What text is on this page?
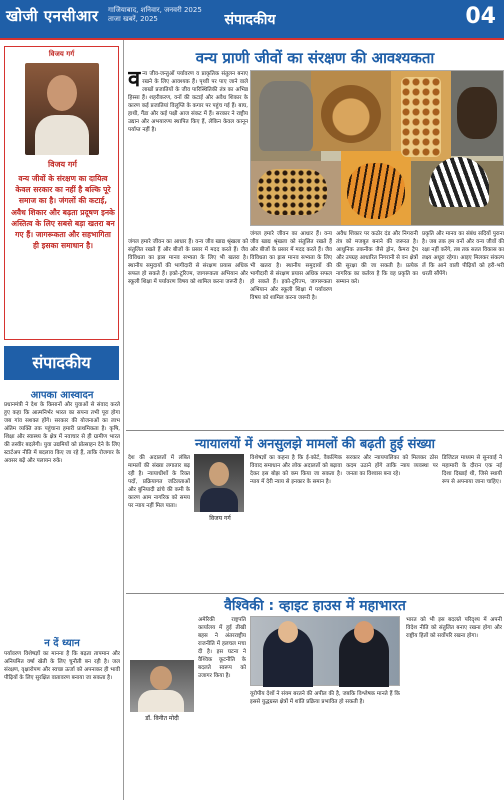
खोजी एनसीआर गाजियाबाद, शनिवार, जनवरी 2025
ताजा खबरें, 2025	संपादकीय	04
विजय गर्ग
विजय गर्ग
वन्य जीवों के संरक्षण का दायित्व केवल सरकार का नहीं है बल्कि पूरे समाज का है। जंगलों की कटाई, अवैध शिकार और बढ़ता प्रदूषण इनके अस्तित्व के लिए सबसे बड़ा खतरा बन गए हैं। जागरूकता और सहभागिता ही इसका समाधान है।
संपादकीय
आपका आस्वादन
प्रधानमंत्री ने देश के किसानों और युवाओं से संवाद करते हुए कहा कि आत्मनिर्भर भारत का सपना तभी पूरा होगा जब गांव सशक्त होंगे। सरकार की योजनाओं का लाभ अंतिम व्यक्ति तक पहुंचाना हमारी प्राथमिकता है। कृषि, शिक्षा और स्वास्थ्य के क्षेत्र में नवाचार से ही ग्रामीण भारत की तस्वीर बदलेगी। युवा उद्यमियों को प्रोत्साहन देने के लिए स्टार्टअप नीति में बदलाव किए जा रहे हैं, ताकि रोजगार के अवसर बढ़ें और पलायन रुके।
न दें ध्यान
पर्यावरण विशेषज्ञों का मानना है कि बढ़ता तापमान और अनियमित वर्षा खेती के लिए चुनौती बन रही है। जल संरक्षण, वृक्षारोपण और स्वच्छ ऊर्जा को अपनाकर ही भावी पीढ़ियों के लिए सुरक्षित वातावरण बनाया जा सकता है।
वन्य प्राणी जीवों का संरक्षण की आवश्यकता
वन्य जीव-जन्तुओं पर्यावरण व प्राकृतिक संतुलन बनाए रखने के लिए आवश्यक हैं। पृथ्वी पर पाए जाने वाले लाखों प्रजातियों के जीव पारिस्थितिकी तंत्र का अभिन्न हिस्सा हैं। शहरीकरण, वनों की कटाई और अवैध शिकार के कारण कई प्रजातियां विलुप्ति के कगार पर पहुंच गई हैं। बाघ, हाथी, गैंडा और कई पक्षी आज संकट में हैं। सरकार ने राष्ट्रीय उद्यान और अभयारण्य स्थापित किए हैं, लेकिन केवल कानून पर्याप्त नहीं है।
जंगल हमारे जीवन का आधार हैं। वन्य जीव खाद्य श्रृंखला को संतुलित रखते हैं और बीजों के प्रसार में मदद करते हैं। जैव विविधता का ह्रास मानव सभ्यता के लिए भी खतरा है। स्थानीय समुदायों की भागीदारी से संरक्षण प्रयास अधिक सफल हो सकते हैं। इको-टूरिज्म, जागरूकता अभियान और स्कूली शिक्षा में पर्यावरण विषय को शामिल करना जरूरी है।
जंगल हमारे जीवन का आधार हैं। वन्य जीव खाद्य श्रृंखला को संतुलित रखते हैं और बीजों के प्रसार में मदद करते हैं। जैव विविधता का ह्रास मानव सभ्यता के लिए भी खतरा है। स्थानीय समुदायों की भागीदारी से संरक्षण प्रयास अधिक सफल हो सकते हैं। इको-टूरिज्म, जागरूकता अभियान और स्कूली शिक्षा में पर्यावरण विषय को शामिल करना जरूरी है।
अवैध शिकार पर कठोर दंड और निगरानी तंत्र को मजबूत बनाने की जरूरत है। आधुनिक तकनीक जैसे ड्रोन, कैमरा ट्रैप और उपग्रह आधारित निगरानी से वन क्षेत्रों की सुरक्षा की जा सकती है। प्रत्येक नागरिक का कर्तव्य है कि वह प्रकृति का सम्मान करे।
प्रकृति और मानव का संबंध सदियों पुराना है। जब तक हम वनों और वन्य जीवों की रक्षा नहीं करेंगे, तब तक सतत विकास का लक्ष्य अधूरा रहेगा। आइए मिलकर संकल्प लें कि आने वाली पीढ़ियों को हरी-भरी धरती सौंपेंगे।
न्यायालयों में अनसुलझे मामलों की बढ़ती हुई संख्या
देश की अदालतों में लंबित मामलों की संख्या लगातार बढ़ रही है। न्यायाधीशों के रिक्त पदों, प्रक्रियागत जटिलताओं और बुनियादी ढांचे की कमी के कारण आम नागरिक को समय पर न्याय नहीं मिल पाता।
विजय गर्ग
विशेषज्ञों का कहना है कि ई-कोर्ट, वैकल्पिक विवाद समाधान और लोक अदालतों को बढ़ावा देकर इस बोझ को कम किया जा सकता है। न्याय में देरी न्याय से इनकार के समान है।
सरकार और न्यायपालिका को मिलकर ठोस कदम उठाने होंगे ताकि न्याय व्यवस्था पर जनता का विश्वास बना रहे।
डिजिटल माध्यम से सुनवाई ने महामारी के दौरान एक नई दिशा दिखाई थी, जिसे स्थायी रूप से अपनाया जाना चाहिए।
वैश्विकी : व्हाइट हाउस में महाभारत
अमेरिकी राष्ट्रपति कार्यालय में हुई तीखी बहस ने अंतरराष्ट्रीय राजनीति में हलचल मचा दी है। इस घटना ने वैश्विक कूटनीति के बदलते स्वरूप को उजागर किया है।
डॉ. विनीत मोदी
यूरोपीय देशों ने संयम बरतने की अपील की है, जबकि विश्लेषक मानते हैं कि इससे युद्धग्रस्त क्षेत्रों में शांति प्रक्रिया प्रभावित हो सकती है।
भारत को भी इस बदलते परिदृश्य में अपनी विदेश नीति को संतुलित बनाए रखना होगा और राष्ट्रीय हितों को सर्वोपरि रखना होगा।
